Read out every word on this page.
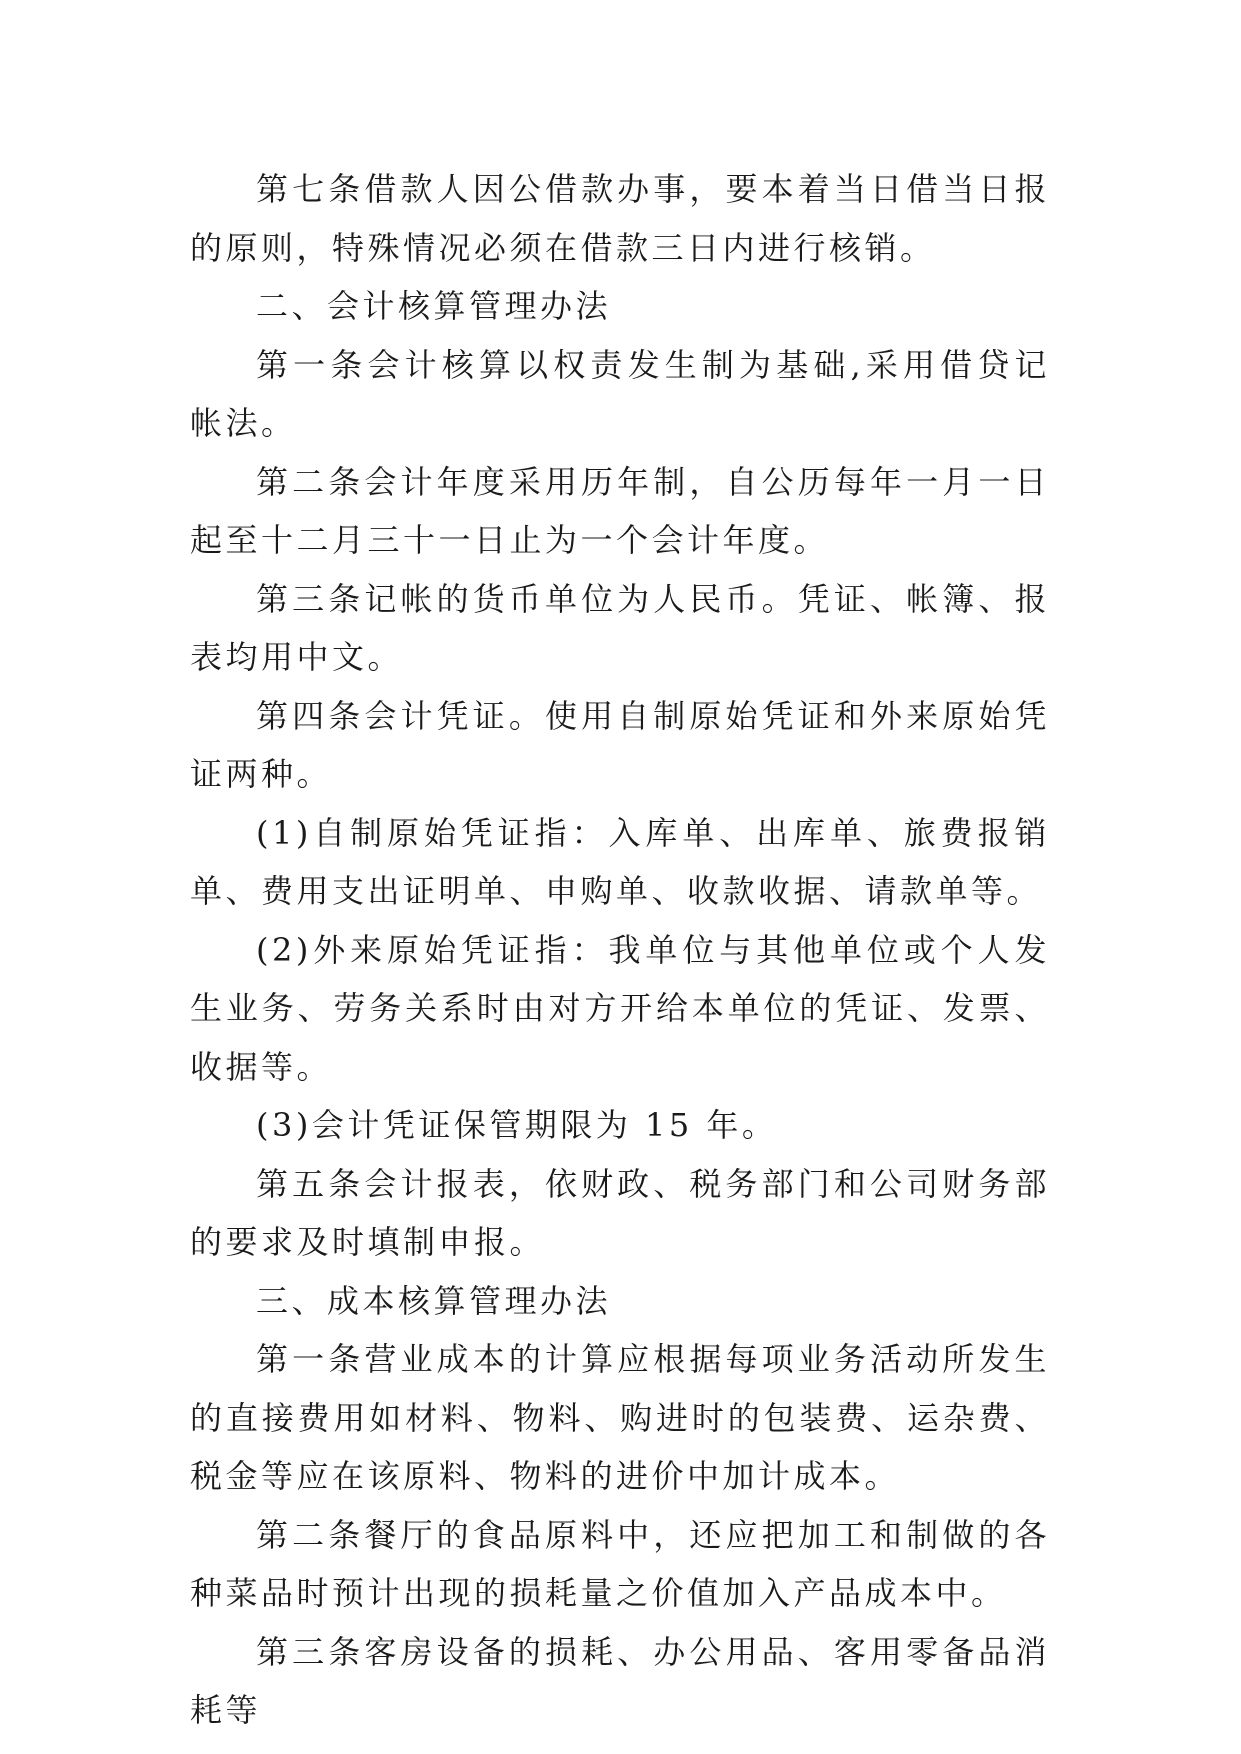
第七条借款人因公借款办事，要本着当日借当日报的原则，特殊情况必须在借款三日内进行核销。

二、会计核算管理办法

第一条会计核算以权责发生制为基础,采用借贷记帐法。

第二条会计年度采用历年制，自公历每年一月一日起至十二月三十一日止为一个会计年度。

第三条记帐的货币单位为人民币。凭证、帐簿、报表均用中文。

第四条会计凭证。使用自制原始凭证和外来原始凭证两种。

(1)自制原始凭证指：入库单、出库单、旅费报销单、费用支出证明单、申购单、收款收据、请款单等。

(2)外来原始凭证指：我单位与其他单位或个人发生业务、劳务关系时由对方开给本单位的凭证、发票、收据等。

(3)会计凭证保管期限为 15 年。

第五条会计报表，依财政、税务部门和公司财务部的要求及时填制申报。

三、成本核算管理办法

第一条营业成本的计算应根据每项业务活动所发生的直接费用如材料、物料、购进时的包装费、运杂费、税金等应在该原料、物料的进价中加计成本。

第二条餐厅的食品原料中，还应把加工和制做的各种菜品时预计出现的损耗量之价值加入产品成本中。

第三条客房设备的损耗、办公用品、客用零备品消耗等
